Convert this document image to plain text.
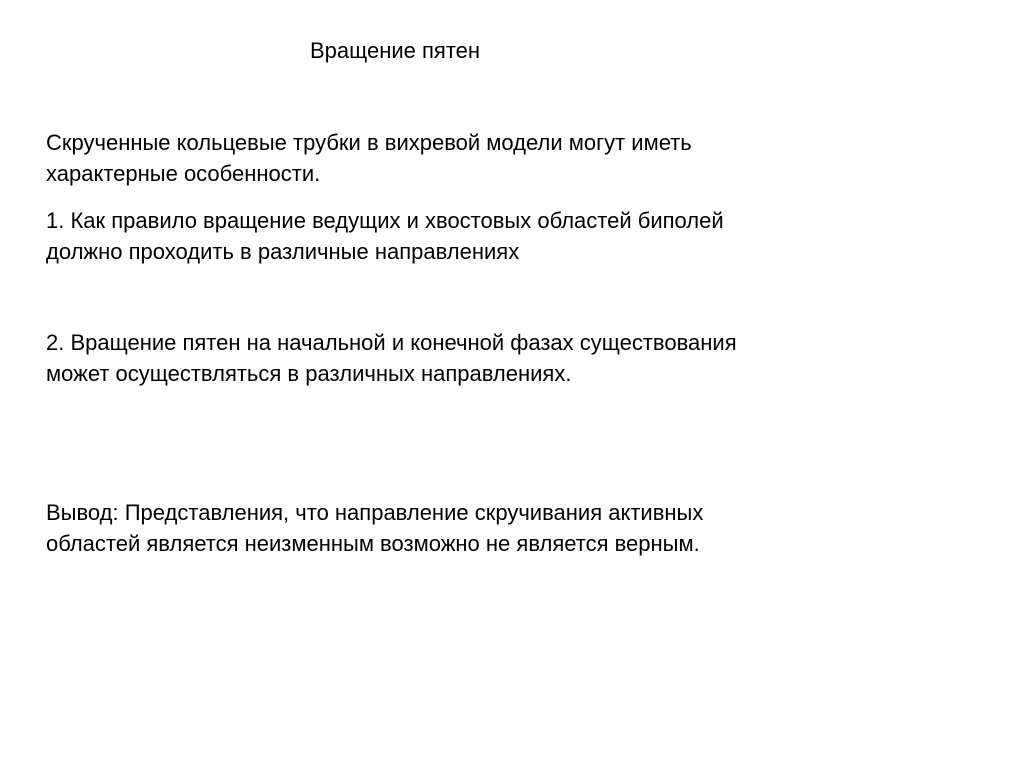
Вращение пятен
Скрученные кольцевые трубки в вихревой модели могут иметь
характерные особенности.
1. Как правило вращение ведущих и хвостовых областей биполей
должно проходить в различные направлениях
2. Вращение пятен на начальной и конечной фазах существования
может осуществляться в различных направлениях.
Вывод: Представления, что направление скручивания активных
областей является неизменным возможно не является верным.
